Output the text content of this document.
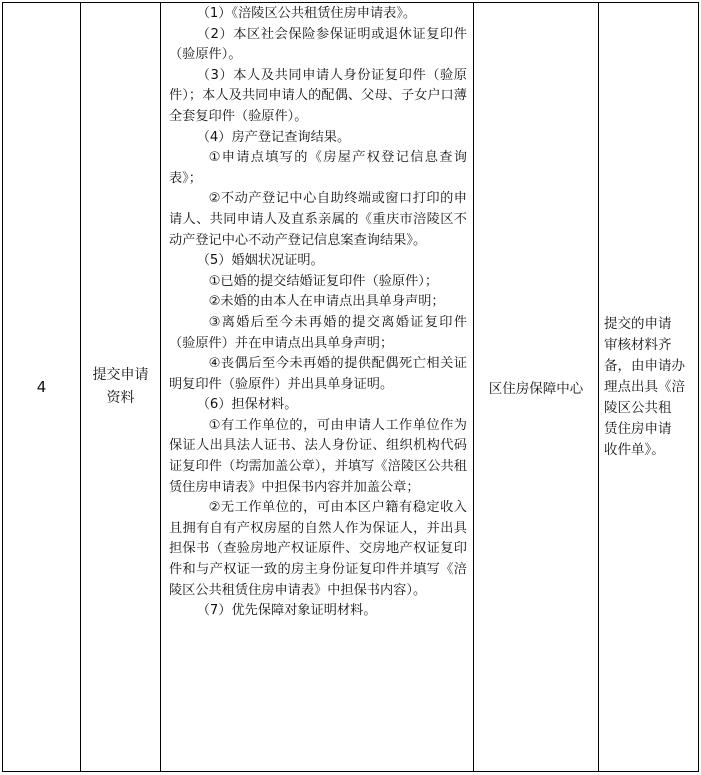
4
提交申请
资料

（1）《涪陵区公共租赁住房申请表》。

（2）本区社会保险参保证明或退休证复印件（验原件）。

（3）本人及共同申请人身份证复印件（验原件）；本人及共同申请人的配偶、父母、子女户口薄全套复印件（验原件）。

（4）房产登记查询结果。

①申请点填写的《房屋产权登记信息查询表》；

②不动产登记中心自助终端或窗口打印的申请人、共同申请人及直系亲属的《重庆市涪陵区不动产登记中心不动产登记信息案查询结果》。

（5）婚姻状况证明。

①已婚的提交结婚证复印件（验原件）；

②未婚的由本人在申请点出具单身声明；

③离婚后至今未再婚的提交离婚证复印件（验原件）并在申请点出具单身声明；

④丧偶后至今未再婚的提供配偶死亡相关证明复印件（验原件）并出具单身证明。

（6）担保材料。

①有工作单位的，可由申请人工作单位作为保证人出具法人证书、法人身份证、组织机构代码证复印件（均需加盖公章），并填写《涪陵区公共租赁住房申请表》中担保书内容并加盖公章；

②无工作单位的，可由本区户籍有稳定收入且拥有自有产权房屋的自然人作为保证人，并出具担保书（查验房地产权证原件、交房地产权证复印件和与产权证一致的房主身份证复印件并填写《涪陵区公共租赁住房申请表》中担保书内容）。

（7）优先保障对象证明材料。

区住房保障中心
提交的申请
审核材料齐
备，由申请办
理点出具《涪
陵区公共租
赁住房申请
收件单》。
